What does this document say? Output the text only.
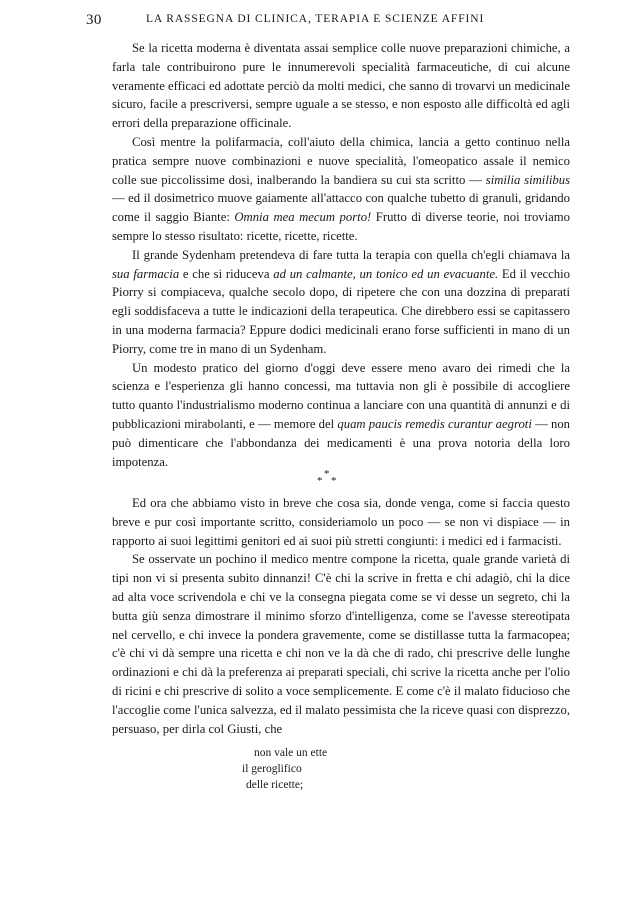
30	LA RASSEGNA DI CLINICA, TERAPIA E SCIENZE AFFINI

Se la ricetta moderna è diventata assai semplice colle nuove preparazioni chimiche, a farla tale contribuirono pure le innumerevoli specialità farmaceutiche, di cui alcune veramente efficaci ed adottate perciò da molti medici, che sanno di trovarvi un medicinale sicuro, facile a prescriversi, sempre uguale a se stesso, e non esposto alle difficoltà ed agli errori della preparazione officinale.

Così mentre la polifarmacia, coll'aiuto della chimica, lancia a getto continuo nella pratica sempre nuove combinazioni e nuove specialità, l'omeopatico assale il nemico colle sue piccolissime dosi, inalberando la bandiera su cui sta scritto — similia similibus — ed il dosimetrico muove gaiamente all'attacco con qualche tubetto di granuli, gridando come il saggio Biante: Omnia mea mecum porto! Frutto di diverse teorie, noi troviamo sempre lo stesso risultato: ricette, ricette, ricette.

Il grande Sydenham pretendeva di fare tutta la terapia con quella ch'egli chiamava la sua farmacia e che si riduceva ad un calmante, un tonico ed un evacuante. Ed il vecchio Piorry si compiaceva, qualche secolo dopo, di ripetere che con una dozzina di preparati egli soddisfaceva a tutte le indicazioni della terapeutica. Che direbbero essi se capitassero in una moderna farmacia? Eppure dodici medicinali erano forse sufficienti in mano di un Piorry, come tre in mano di un Sydenham.

Un modesto pratico del giorno d'oggi deve essere meno avaro dei rimedi che la scienza e l'esperienza gli hanno concessi, ma tuttavia non gli è possibile di accogliere tutto quanto l'industrialismo moderno continua a lanciare con una quantità di annunzi e di pubblicazioni mirabolanti, e — memore del quam paucis remedis curantur aegroti — non può dimenticare che l'abbondanza dei medicamenti è una prova notoria della loro impotenza.

*
* *

Ed ora che abbiamo visto in breve che cosa sia, donde venga, come si faccia questo breve e pur così importante scritto, consideriamolo un poco — se non vi dispiace — in rapporto ai suoi legittimi genitori ed ai suoi più stretti congiunti: i medici ed i farmacisti.

Se osservate un pochino il medico mentre compone la ricetta, quale grande varietà di tipi non vi si presenta subito dinnanzi! C'è chi la scrive in fretta e chi adagiò, chi la dice ad alta voce scrivendola e chi ve la consegna piegata come se vi desse un segreto, chi la butta giù senza dimostrare il minimo sforzo d'intelligenza, come se l'avesse stereotipata nel cervello, e chi invece la pondera gravemente, come se distillasse tutta la farmacopea; c'è chi vi dà sempre una ricetta e chi non ve la dà che di rado, chi prescrive delle lunghe ordinazioni e chi dà la preferenza ai preparati speciali, chi scrive la ricetta anche per l'olio di ricini e chi prescrive di solito a voce semplicemente. E come c'è il malato fiducioso che l'accoglie come l'unica salvezza, ed il malato pessimista che la riceve quasi con disprezzo, persuaso, per dirla col Giusti, che

non vale un ette
il geroglifico
delle ricette;
